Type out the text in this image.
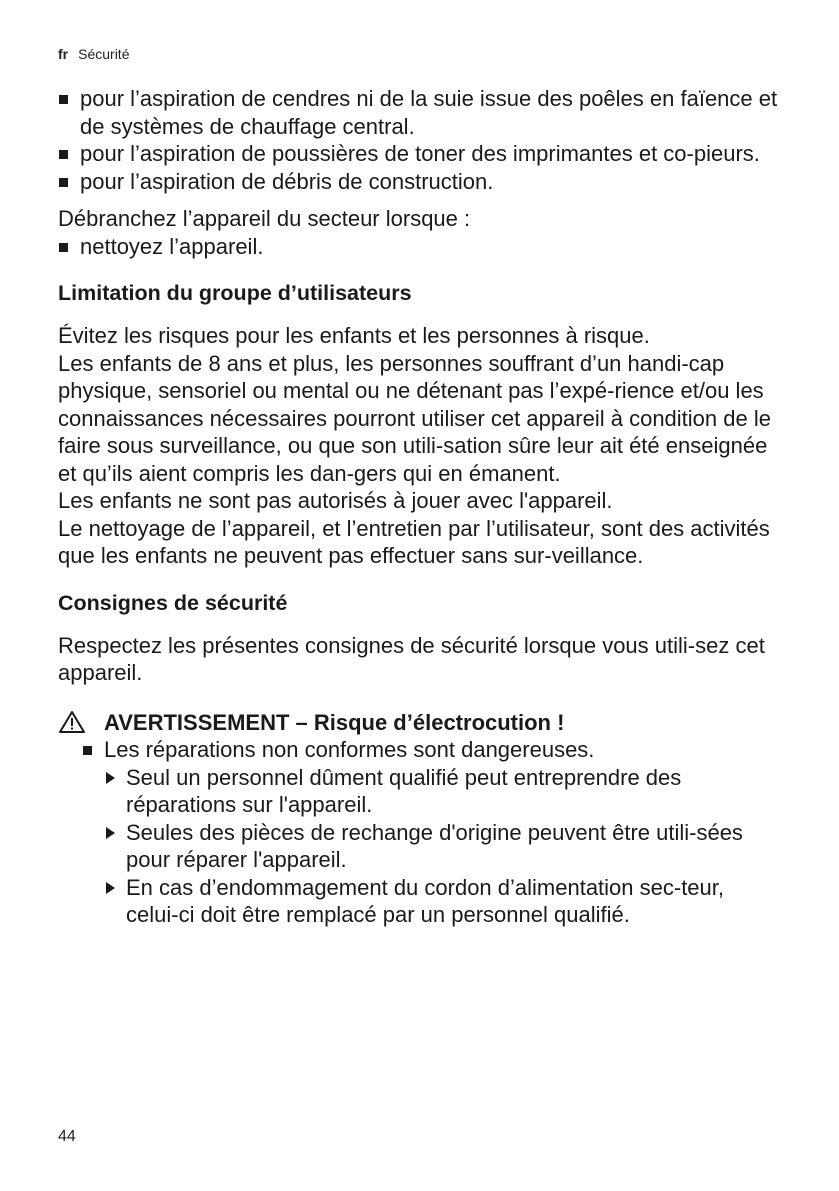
fr Sécurité
pour l’aspiration de cendres ni de la suie issue des poêles en faïence et de systèmes de chauffage central.
pour l’aspiration de poussières de toner des imprimantes et co-pieurs.
pour l’aspiration de débris de construction.

Débranchez l’appareil du secteur lorsque :

nettoyez l’appareil.
Limitation du groupe d’utilisateurs

Évitez les risques pour les enfants et les personnes à risque.

Les enfants de 8 ans et plus, les personnes souffrant d’un handi-cap physique, sensoriel ou mental ou ne détenant pas l’expé-rience et/ou les connaissances nécessaires pourront utiliser cet appareil à condition de le faire sous surveillance, ou que son utili-sation sûre leur ait été enseignée et qu’ils aient compris les dan-gers qui en émanent.

Les enfants ne sont pas autorisés à jouer avec l'appareil.

Le nettoyage de l’appareil, et l’entretien par l’utilisateur, sont des activités que les enfants ne peuvent pas effectuer sans sur-veillance.

Consignes de sécurité

Respectez les présentes consignes de sécurité lorsque vous utili-sez cet appareil.

AVERTISSEMENT – Risque d’électrocution !
Les réparations non conformes sont dangereuses.
Seul un personnel dûment qualifié peut entreprendre des réparations sur l'appareil.
Seules des pièces de rechange d'origine peuvent être utili-sées pour réparer l'appareil.
En cas d’endommagement du cordon d’alimentation sec-teur, celui-ci doit être remplacé par un personnel qualifié.
44
